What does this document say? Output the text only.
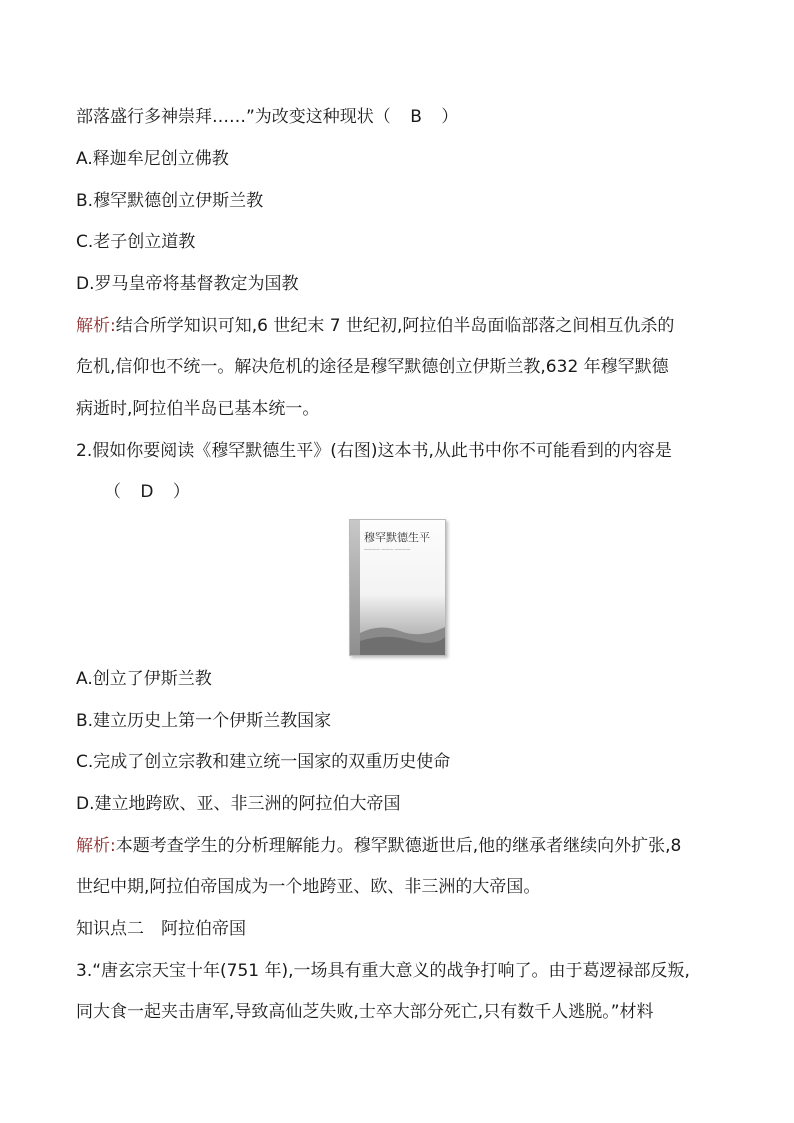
部落盛行多神崇拜……”为改变这种现状（ B ）
A.释迦牟尼创立佛教
B.穆罕默德创立伊斯兰教
C.老子创立道教
D.罗马皇帝将基督教定为国教
解析:结合所学知识可知,6 世纪末 7 世纪初,阿拉伯半岛面临部落之间相互仇杀的
危机,信仰也不统一。解决危机的途径是穆罕默德创立伊斯兰教,632 年穆罕默德
病逝时,阿拉伯半岛已基本统一。
2.假如你要阅读《穆罕默德生平》(右图)这本书,从此书中你不可能看到的内容是
（ D ）
穆罕默德生平
———— ——— ————
A.创立了伊斯兰教
B.建立历史上第一个伊斯兰教国家
C.完成了创立宗教和建立统一国家的双重历史使命
D.建立地跨欧、亚、非三洲的阿拉伯大帝国
解析:本题考查学生的分析理解能力。穆罕默德逝世后,他的继承者继续向外扩张,8
世纪中期,阿拉伯帝国成为一个地跨亚、欧、非三洲的大帝国。
知识点二　阿拉伯帝国
3.“唐玄宗天宝十年(751 年),一场具有重大意义的战争打响了。由于葛逻禄部反叛,
同大食一起夹击唐军,导致高仙芝失败,士卒大部分死亡,只有数千人逃脱。”材料
